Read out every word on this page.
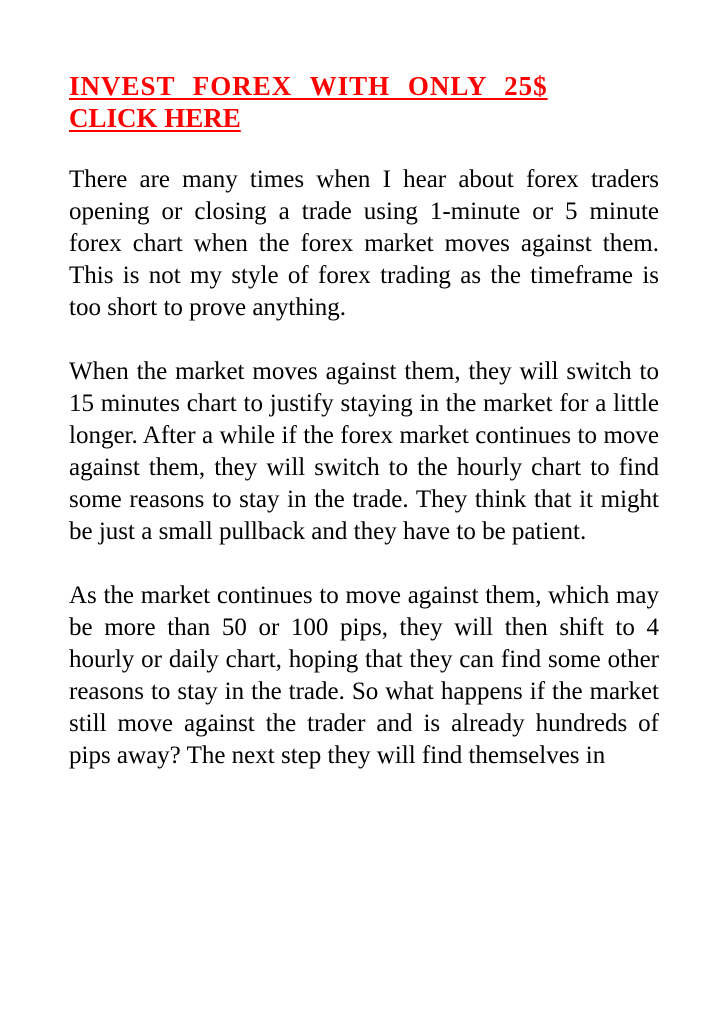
INVEST FOREX WITH ONLY 25$
CLICK HERE

There are many times when I hear about forex traders opening or closing a trade using 1-minute or 5 minute forex chart when the forex market moves against them. This is not my style of forex trading as the timeframe is too short to prove anything.

When the market moves against them, they will switch to 15 minutes chart to justify staying in the market for a little longer. After a while if the forex market continues to move against them, they will switch to the hourly chart to find some reasons to stay in the trade. They think that it might be just a small pullback and they have to be patient.

As the market continues to move against them, which may be more than 50 or 100 pips, they will then shift to 4 hourly or daily chart, hoping that they can find some other reasons to stay in the trade. So what happens if the market still move against the trader and is already hundreds of pips away? The next step they will find themselves in
